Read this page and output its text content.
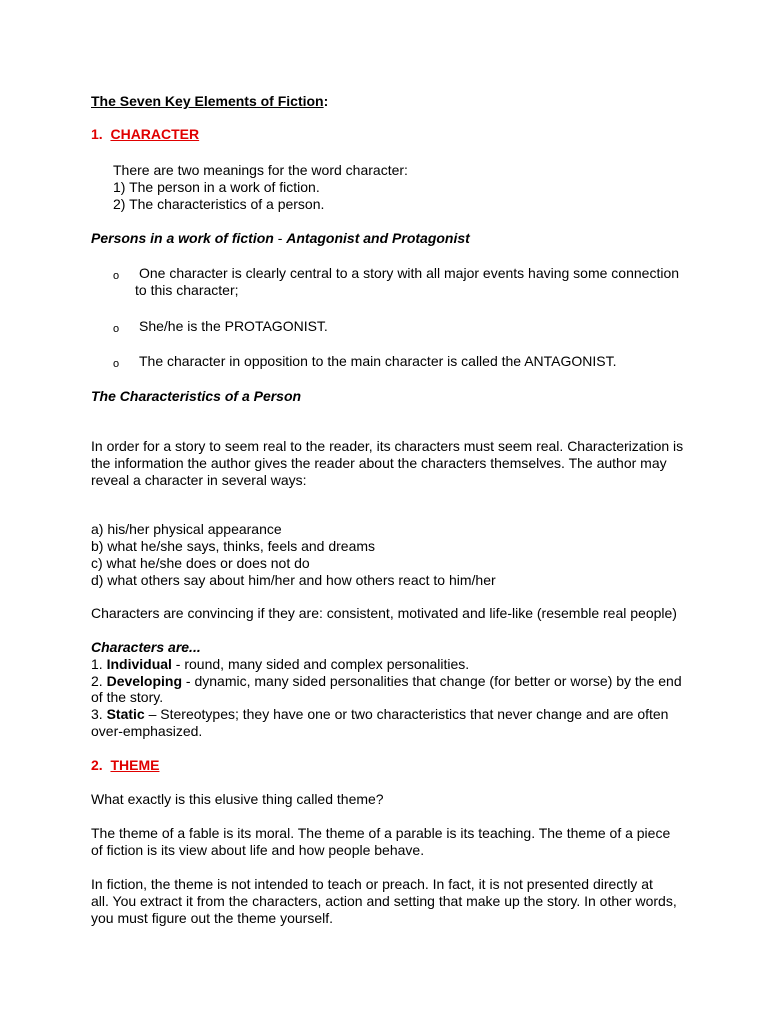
The Seven Key Elements of Fiction:
1. CHARACTER
There are two meanings for the word character:
1) The person in a work of fiction.
2) The characteristics of a person.
Persons in a work of fiction - Antagonist and Protagonist
o One character is clearly central to a story with all major events having some connection
to this character;
o She/he is the PROTAGONIST.
o The character in opposition to the main character is called the ANTAGONIST.
The Characteristics of a Person
In order for a story to seem real to the reader, its characters must seem real. Characterization is
the information the author gives the reader about the characters themselves. The author may
reveal a character in several ways:
a) his/her physical appearance
b) what he/she says, thinks, feels and dreams
c) what he/she does or does not do
d) what others say about him/her and how others react to him/her
Characters are convincing if they are: consistent, motivated and life-like (resemble real people)
Characters are...
1. Individual - round, many sided and complex personalities.
2. Developing - dynamic, many sided personalities that change (for better or worse) by the end
of the story.
3. Static – Stereotypes; they have one or two characteristics that never change and are often
over-emphasized.
2. THEME
What exactly is this elusive thing called theme?
The theme of a fable is its moral. The theme of a parable is its teaching. The theme of a piece
of fiction is its view about life and how people behave.
In fiction, the theme is not intended to teach or preach. In fact, it is not presented directly at
all. You extract it from the characters, action and setting that make up the story. In other words,
you must figure out the theme yourself.
